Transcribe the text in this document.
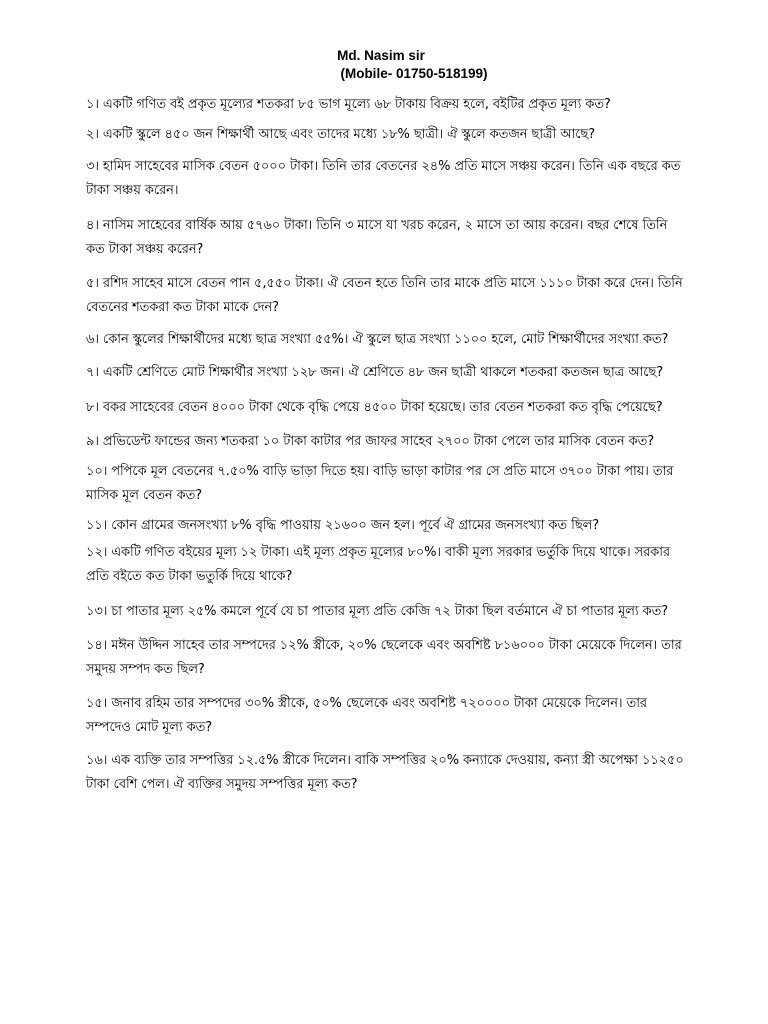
Md. Nasim sir
(Mobile- 01750-518199)

১। একটি গণিত বই প্রকৃত মূল্যের শতকরা ৮৫ ভাগ মূল্যে ৬৮ টাকায় বিক্রয় হলে, বইটির প্রকৃত মূল্য কত?

২। একটি স্কুলে ৪৫০ জন শিক্ষার্থী আছে এবং তাদের মধ্যে ১৮% ছাত্রী। ঐ স্কুলে কতজন ছাত্রী আছে?

৩। হামিদ সাহেবের মাসিক বেতন ৫০০০ টাকা। তিনি তার বেতনের ২৪% প্রতি মাসে সঞ্চয় করেন। তিনি এক বছরে কত টাকা সঞ্চয় করেন।

৪। নাসিম সাহেবের বার্ষিক আয় ৫৭৬০ টাকা। তিনি ৩ মাসে যা খরচ করেন, ২ মাসে তা আয় করেন। বছর শেষে তিনি কত টাকা সঞ্চয় করেন?

৫। রশিদ সাহেব মাসে বেতন পান ৫,৫৫০ টাকা। ঐ বেতন হতে তিনি তার মাকে প্রতি মাসে ১১১০ টাকা করে দেন। তিনি বেতনের শতকরা কত টাকা মাকে দেন?

৬। কোন স্কুলের শিক্ষার্থীদের মধ্যে ছাত্র সংখ্যা ৫৫%। ঐ স্কুলে ছাত্র সংখ্যা ১১০০ হলে, মোট শিক্ষার্থীদের সংখ্যা কত?

৭। একটি শ্রেণিতে মোট শিক্ষার্থীর সংখ্যা ১২৮ জন। ঐ শ্রেণিতে ৪৮ জন ছাত্রী থাকলে শতকরা কতজন ছাত্র আছে?

৮। বকর সাহেবের বেতন ৪০০০ টাকা থেকে বৃদ্ধি পেয়ে ৪৫০০ টাকা হয়েছে। তার বেতন শতকরা কত বৃদ্ধি পেয়েছে?

৯। প্রভিডেন্ট ফান্ডের জন্য শতকরা ১০ টাকা কাটার পর জাফর সাহেব ২৭০০ টাকা পেলে তার মাসিক বেতন কত?

১০। পপিকে মূল বেতনের ৭.৫০% বাড়ি ভাড়া দিতে হয়। বাড়ি ভাড়া কাটার পর সে প্রতি মাসে ৩৭০০ টাকা পায়। তার মাসিক মূল বেতন কত?

১১। কোন গ্রামের জনসংখ্যা ৮% বৃদ্ধি পাওয়ায় ২১৬০০ জন হল। পূর্বে ঐ গ্রামের জনসংখ্যা কত ছিল?

১২। একটি গণিত বইয়ের মূল্য ১২ টাকা। এই মূল্য প্রকৃত মূল্যের ৮০%। বাকী মূল্য সরকার ভর্তুকি দিয়ে থাকে। সরকার প্রতি বইতে কত টাকা ভতুর্কি দিয়ে থাকে?

১৩। চা পাতার মূল্য ২৫% কমলে পূর্বে যে চা পাতার মূল্য প্রতি কেজি ৭২ টাকা ছিল বর্তমানে ঐ চা পাতার মূল্য কত?

১৪। মঈন উদ্দিন সাহেব তার সম্পদের ১২% স্ত্রীকে, ২০% ছেলেকে এবং অবশিষ্ট ৮১৬০০০ টাকা মেয়েকে দিলেন। তার সমুদয় সম্পদ কত ছিল?

১৫। জনাব রহিম তার সম্পদের ৩০% স্ত্রীকে, ৫০% ছেলেকে এবং অবশিষ্ট ৭২০০০০ টাকা মেয়েকে দিলেন। তার সম্পদেও মোট মূল্য কত?

১৬। এক ব্যক্তি তার সম্পত্তির ১২.৫% স্ত্রীকে দিলেন। বাকি সম্পত্তির ২০% কন্যাকে দেওয়ায়, কন্যা স্ত্রী অপেক্ষা ১১২৫০ টাকা বেশি পেল। ঐ ব্যক্তির সমুদয় সম্পত্তির মূল্য কত?
